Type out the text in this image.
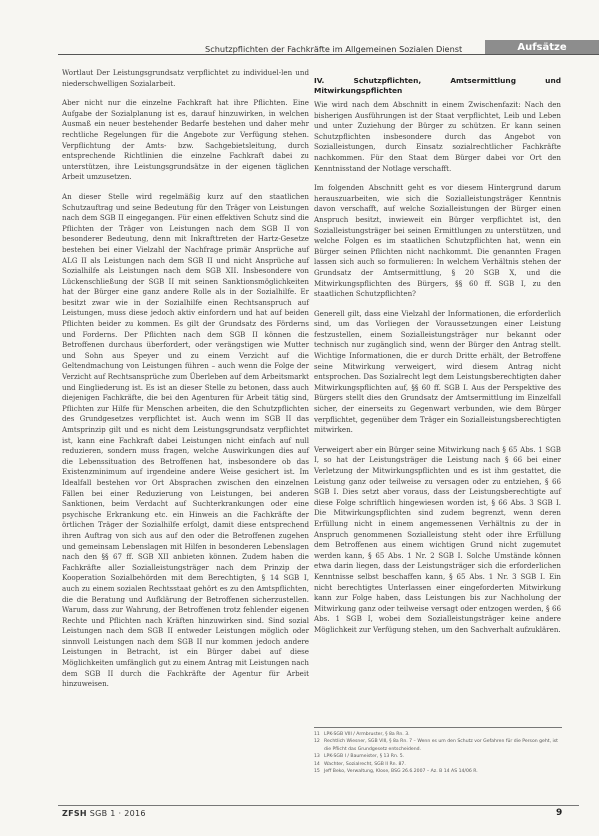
Schutzpflichten der Fachkräfte im Allgemeinen Sozialen Dienst	Aufsätze

Wortlaut Der Leistungsgrundsatz verpflichtet zu individuel-len und niederschwelligen Sozialarbeit.

Aber nicht nur die einzelne Fachkraft hat ihre Pflichten. Eine Aufgabe der Sozialplanung ist es, darauf hinzuwirken, in welchen Ausmaß ein neuer bestehender Bedarfe bestehen und daher mehr rechtliche Regelungen für die Angebote zur Verfügung stehen. Verpflichtung der Amts- bzw. Sachgebietsleitung, durch entsprechende Richtlinien die einzelne Fachkraft dabei zu unterstützen, ihre Leistungsgrundsätze in der eigenen täglichen Arbeit umzusetzen.

An dieser Stelle wird regelmäßig kurz auf den staatlichen Schutzauftrag und seine Bedeutung für den Träger von Leistungen nach dem SGB II eingegangen. Für einen effektiven Schutz sind die Pflichten der Träger von Leistungen nach dem SGB II von besonderer Bedeutung, denn mit Inkrafttreten der Hartz-Gesetze bestehen bei einer Vielzahl der Nachfrage primär Ansprüche auf ALG II als Leistungen nach dem SGB II und nicht Ansprüche auf Sozialhilfe als Leistungen nach dem SGB XII. Insbesondere von Lückenschließung der SGB II mit seinen Sanktionsmöglichkeiten hat der Bürger eine ganz andere Rolle als in der Sozialhilfe. Er besitzt zwar wie in der Sozialhilfe einen Rechtsanspruch auf Leistungen, muss diese jedoch aktiv einfordern und hat auf beiden Pflichten beider zu kommen. Es gilt der Grundsatz des Förderns und Forderns. Der Pflichten nach dem SGB II können die Betroffenen durchaus überfordert, oder verängstigen wie Mutter und Sohn aus Speyer und zu einem Verzicht auf die Geltendmachung von Leistungen führen – auch wenn die Folge der Verzicht auf Rechtsansprüche zum Überleben auf dem Arbeitsmarkt und Eingliederung ist. Es ist an dieser Stelle zu betonen, dass auch diejenigen Fachkräfte, die bei den Agenturen für Arbeit tätig sind, Pflichten zur Hilfe für Menschen arbeiten, die den Schutzpflichten des Grundgesetzes verpflichtet ist. Auch wenn im SGB II das Amtsprinzip gilt und es nicht dem Leistungsgrundsatz verpflichtet ist, kann eine Fachkraft dabei Leistungen nicht einfach auf null reduzieren, sondern muss fragen, welche Auswirkungen dies auf die Lebenssituation des Betroffenen hat, insbesondere ob das Existenzminimum auf irgendeine andere Weise gesichert ist. Im Idealfall bestehen vor Ort Absprachen zwischen den einzelnen Fällen bei einer Reduzierung von Leistungen, bei anderen Sanktionen, beim Verdacht auf Suchterkrankungen oder eine psychische Erkrankung etc. ein Hinweis an die Fachkräfte der örtlichen Träger der Sozialhilfe erfolgt, damit diese entsprechend ihren Auftrag von sich aus auf den oder die Betroffenen zugehen und gemeinsam Lebenslagen mit Hilfen in besonderen Lebenslagen nach den §§ 67 ff. SGB XII anbieten können. Zudem haben die Fachkräfte aller Sozialleistungsträger nach dem Prinzip der Kooperation Sozialbehörden mit dem Berechtigten, § 14 SGB I, auch zu einem sozialen Rechtsstaat gehört es zu den Amtspflichten, die die Beratung und Aufklärung der Betroffenen sicherzustellen. Warum, dass zur Wahrung, der Betroffenen trotz fehlender eigenen Rechte und Pflichten nach Kräften hinzuwirken sind. Sind sozial Leistungen nach dem SGB II entweder Leistungen möglich oder sinnvoll Leistungen nach dem SGB II nur kommen jedoch andere Leistungen in Betracht, ist ein Bürger dabei auf diese Möglichkeiten umfänglich gut zu einem Antrag mit Leistungen nach dem SGB II durch die Fachkräfte der Agentur für Arbeit hinzuweisen.

IV. Schutzpflichten, Amtsermittlung und Mitwirkungspflichten

Wie wird nach dem Abschnitt in einem Zwischenfazit: Nach den bisherigen Ausführungen ist der Staat verpflichtet, Leib und Leben und unter Zuziehung der Bürger zu schützen. Er kann seinen Schutzpflichten insbesondere durch das Angebot von Sozialleistungen, durch Einsatz sozialrechtlicher Fachkräfte nachkommen. Für den Staat dem Bürger dabei vor Ort den Kenntnisstand der Notlage verschafft.

Im folgenden Abschnitt geht es vor diesem Hintergrund darum herauszuarbeiten, wie sich die Sozialleistungsträger Kenntnis davon verschafft, auf welche Sozialleistungen der Bürger einen Anspruch besitzt, inwieweit ein Bürger verpflichtet ist, den Sozialleistungsträger bei seinen Ermittlungen zu unterstützen, und welche Folgen es im staatlichen Schutzpflichten hat, wenn ein Bürger seinen Pflichten nicht nachkommt. Die genannten Fragen lassen sich auch so formulieren: In welchem Verhältnis stehen der Grundsatz der Amtsermittlung, § 20 SGB X, und die Mitwirkungspflichten des Bürgers, §§ 60 ff. SGB I, zu den staatlichen Schutzpflichten?

Generell gilt, dass eine Vielzahl der Informationen, die erforderlich sind, um das Vorliegen der Voraussetzungen einer Leistung festzustellen, einem Sozialleistungsträger nur bekannt oder technisch nur zugänglich sind, wenn der Bürger den Antrag stellt. Wichtige Informationen, die er durch Dritte erhält, der Betroffene seine Mitwirkung verweigert, wird diesem Antrag nicht entsprochen. Das Sozialrecht legt dem Leistungsberechtigten daher Mitwirkungspflichten auf, §§ 60 ff. SGB I. Aus der Perspektive des Bürgers stellt dies den Grundsatz der Amtsermittlung im Einzelfall sicher, der einerseits zu Gegenwart verbunden, wie dem Bürger verpflichtet, gegenüber dem Träger ein Sozialleistungsberechtigten mitwirken.

Verweigert aber ein Bürger seine Mitwirkung nach § 65 Abs. 1 SGB I, so hat der Leistungsträger die Leistung nach § 66 bei einer Verletzung der Mitwirkungspflichten und es ist ihm gestattet, die Leistung ganz oder teilweise zu versagen oder zu entziehen, § 66 SGB I. Dies setzt aber voraus, dass der Leistungsberechtigte auf diese Folge schriftlich hingewiesen worden ist, § 66 Abs. 3 SGB I. Die Mitwirkungspflichten sind zudem begrenzt, wenn deren Erfüllung nicht in einem angemessenen Verhältnis zu der in Anspruch genommenen Sozialleistung steht oder ihre Erfüllung dem Betroffenen aus einem wichtigen Grund nicht zugemutet werden kann, § 65 Abs. 1 Nr. 2 SGB I. Solche Umstände können etwa darin liegen, dass der Leistungsträger sich die erforderlichen Kenntnisse selbst beschaffen kann, § 65 Abs. 1 Nr. 3 SGB I. Ein nicht berechtigtes Unterlassen einer eingeforderten Mitwirkung kann zur Folge haben, dass Leistungen bis zur Nachholung der Mitwirkung ganz oder teilweise versagt oder entzogen werden, § 66 Abs. 1 SGB I, wobei dem Sozialleistungsträger keine andere Möglichkeit zur Verfügung stehen, um den Sachverhalt aufzuklären.

11 LPK-SGB VIII / Armbruster, § 8a Rn. 3.
12 Rechtlich Wiesner, SGB VIII, § 8a Rn. 7 – Wenn es um den Schutz vor Gefahren für die Person geht, ist die Pflicht das Grundgesetz entscheidend.
13 LPK-SGB I / Baumeister, § 13 Rn. 5.
14 Wachter, Sozialrecht, SGB II Rn. 87.
15 Jeff Beko, Verwaltung, Klose, BSG 26.6.2007 – Az. B 14 AS 14/06 R.
ZFSH SGB 1 · 2016	9
